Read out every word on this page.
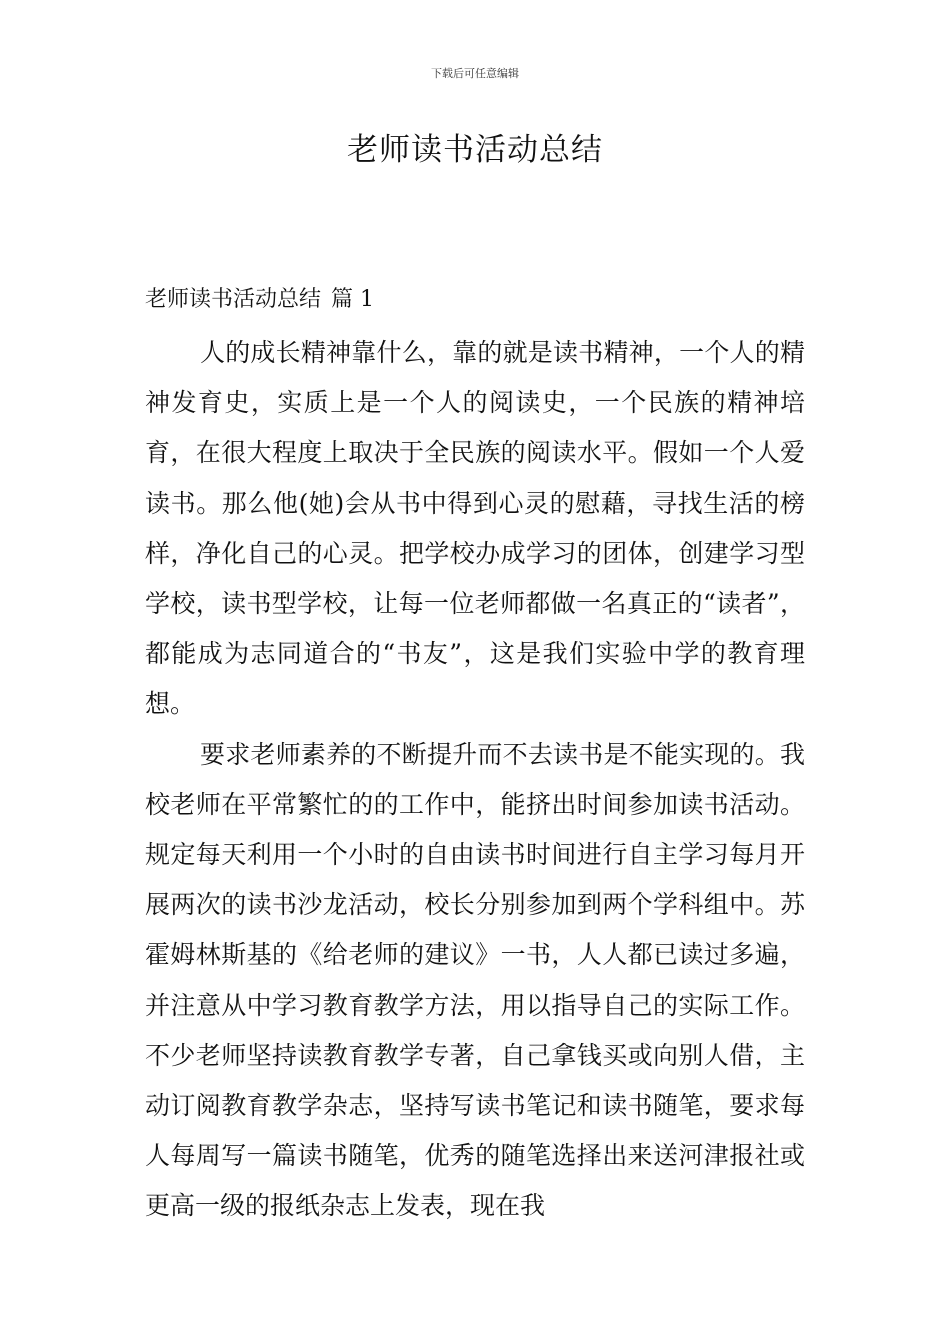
下载后可任意编辑
老师读书活动总结
老师读书活动总结 篇 1

人的成长精神靠什么，靠的就是读书精神，一个人的精神发育史，实质上是一个人的阅读史，一个民族的精神培育，在很大程度上取决于全民族的阅读水平。假如一个人爱读书。那么他(她)会从书中得到心灵的慰藉，寻找生活的榜样，净化自己的心灵。把学校办成学习的团体，创建学习型学校，读书型学校，让每一位老师都做一名真正的“读者”，都能成为志同道合的“书友”，这是我们实验中学的教育理想。

要求老师素养的不断提升而不去读书是不能实现的。我校老师在平常繁忙的的工作中，能挤出时间参加读书活动。规定每天利用一个小时的自由读书时间进行自主学习每月开展两次的读书沙龙活动，校长分别参加到两个学科组中。苏霍姆林斯基的《给老师的建议》一书，人人都已读过多遍，并注意从中学习教育教学方法，用以指导自己的实际工作。不少老师坚持读教育教学专著，自己拿钱买或向别人借，主动订阅教育教学杂志，坚持写读书笔记和读书随笔，要求每人每周写一篇读书随笔，优秀的随笔选择出来送河津报社或更高一级的报纸杂志上发表，现在我
